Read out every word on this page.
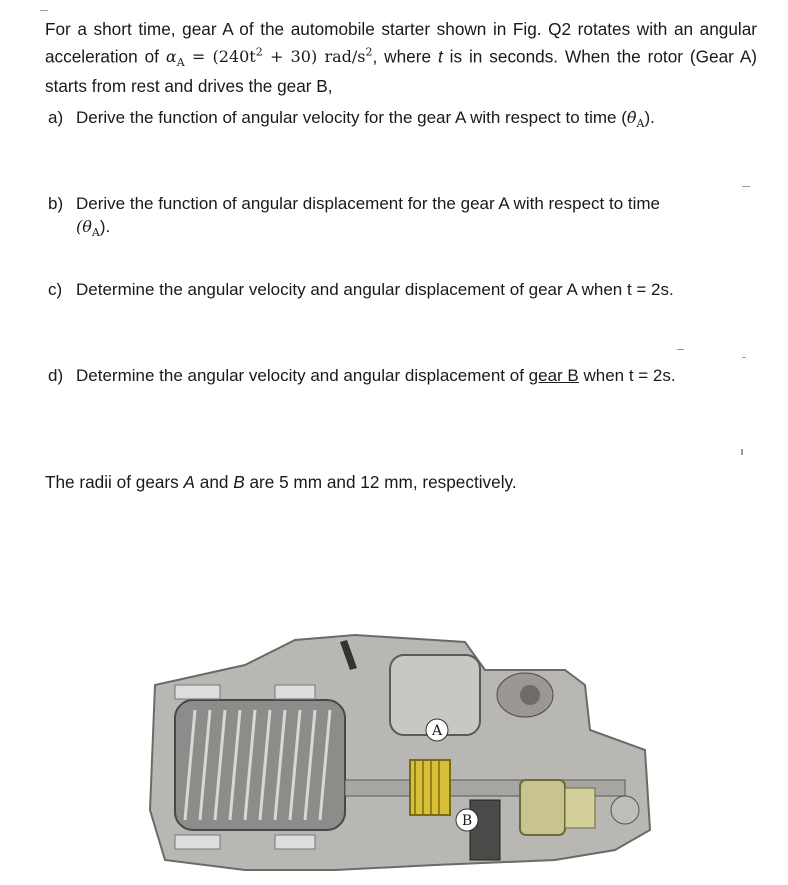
For a short time, gear A of the automobile starter shown in Fig. Q2 rotates with an angular acceleration of $\alpha_A = (240t^2 + 30)$ rad/$s^2$, where t is in seconds. When the rotor (Gear A) starts from rest and drives the gear B,
a) Derive the function of angular velocity for the gear A with respect to time $(\thetȧ_A)$.
b) Derive the function of angular displacement for the gear A with respect to time
$(\theta_A)$.
c) Determine the angular velocity and angular displacement of gear A when t = 2s.
d) Determine the angular velocity and angular displacement of gear B when t = 2s.
The radii of gears A and B are 5 mm and 12 mm, respectively.
A
B
